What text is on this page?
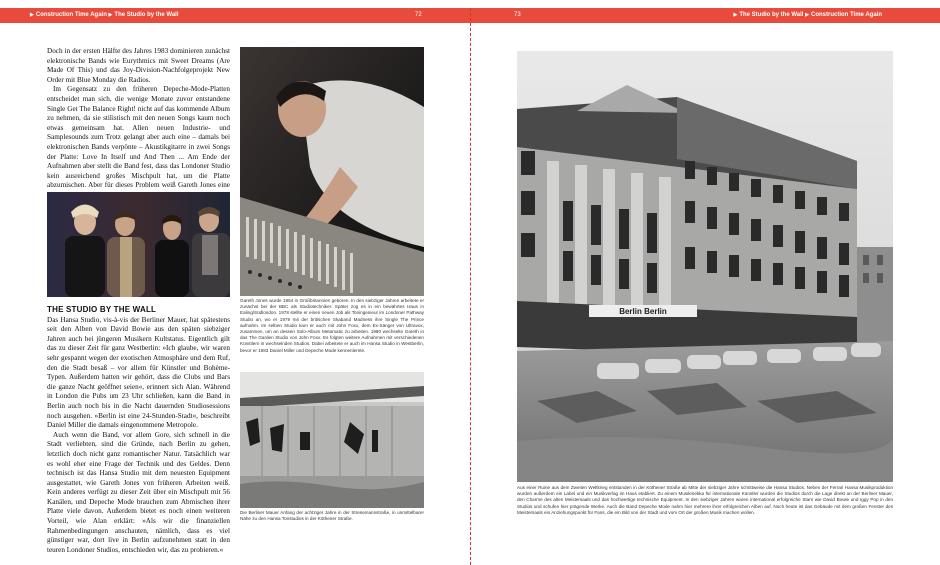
▶ Construction Time Again ▶ The Studio by the Wall	72	73	▶ The Studio by the Wall ▶ Construction Time Again

Doch in der ersten Hälfte des Jahres 1983 dominieren zunächst elektronische Bands wie Eurythmics mit Sweet Dreams (Are Made Of This) und das Joy-Division-Nachfolgeprojekt New Order mit Blue Monday die Radios.

Im Gegensatz zu den früheren Depeche-Mode-Platten entscheidet man sich, die wenige Monate zuvor entstandene Single Get The Balance Right! nicht auf das kommende Album zu nehmen, da sie stilistisch mit den neuen Songs kaum noch etwas gemeinsam hat. Allen neuen Industrie- und Samplesounds zum Trotz gelangt aber auch eine – damals bei elektronischen Bands verpönte – Akustikgitarre in zwei Songs der Platte: Love In Itself und And Then ... Am Ende der Aufnahmen aber stellt die Band fest, dass das Londoner Studio kein ausreichend großes Mischpult hat, um die Platte abzumischen. Aber für dieses Problem weiß Gareth Jones eine

THE STUDIO BY THE WALL

Das Hansa Studio, vis-à-vis der Berliner Mauer, hat spätestens seit den Alben von David Bowie aus den späten siebziger Jahren auch bei jüngeren Musikern Kultstatus. Eigentlich gilt das zu dieser Zeit für ganz Westberlin: »Ich glaube, wir waren sehr gespannt wegen der exotischen Atmosphäre und dem Ruf, den die Stadt besaß – vor allem für Künstler und Bohème-Typen. Außerdem hatten wir gehört, dass die Clubs und Bars die ganze Nacht geöffnet seien«, erinnert sich Alan. Während in London die Pubs um 23 Uhr schließen, kann die Band in Berlin auch noch bis in die Nacht dauernden Studiosessions noch ausgehen. »Berlin ist eine 24-Stunden-Stadt«, beschreibt Daniel Miller die damals eingenommene Metropole.

Auch wenn die Band, vor allem Gore, sich schnell in die Stadt verliebten, sind die Gründe, nach Berlin zu gehen, letztlich doch nicht ganz romantischer Natur. Tatsächlich war es wohl eher eine Frage der Technik und des Geldes. Denn technisch ist das Hansa Studio mit dem neuesten Equipment ausgestattet, wie Gareth Jones von früheren Arbeiten weiß. Kein anderes verfügt zu dieser Zeit über ein Mischpult mit 56 Kanälen, und Depeche Mode brauchen zum Abmischen ihrer Platte viele davon. Außerdem bietet es noch einen weiteren Vorteil, wie Alan erklärt: »Als wir die finanziellen Rahmenbedingungen anschauten, nämlich, dass es viel günstiger war, dort live in Berlin aufzunehmen statt in den teuren Londoner Studios, entschieden wir, das zu probieren.«

Gareth Jones wurde 1954 in Großbritannien geboren. In den siebziger Jahren arbeitete er zunächst bei der BBC als Studiotechniker. Später zog es in ein bewährtes Haus in Ealing/Südlondon. 1978 stellte er einen neuen Job als Toningenieur im Londoner Pathway Studio an, wo er 1979 mit der britischen Skaband Madness ihre Single The Prince aufnahm. Im selben Studio kam er auch mit John Foxx, dem Ex-Sänger von Ultravox, zusammen, um an dessen Solo-Album Metamatic zu arbeiten. 1980 wechselte Gareth in das The Garden Studio von John Foxx. Es folgten weitere Aufnahmen mit verschiedenen Künstlern in wechselnden Studios. Dabei arbeitete er auch im Hansa Studio in Westberlin, bevor er 1983 Daniel Miller und Depeche Mode kennenlernte.
Die Berliner Mauer Anfang der achtziger Jahre in der Stresemannstraße, in unmittelbarer Nähe zu den Hansa Tonstudios in der Köthener Straße.
Berlin Berlin
Aus einer Ruine aus dem Zweiten Weltkrieg entstanden in der Köthener Straße ab Mitte der siebziger Jahre schrittweise die Hansa Studios. Neben der Ferrari Hansa Musikproduktion wurden außerdem ein Label und ein Musikverlag im Haus etabliert. Zu einem Musikmekka für internationale Künstler wurden die Studios durch die Lage direkt an der Berliner Mauer, den Charme des alten Meistersaals und das hochwertige technische Equipment. In den siebziger Jahren waren international erfolgreiche Stars wie David Bowie und Iggy Pop in den Studios und schufen hier prägende Werke. Auch die Band Depeche Mode nahm hier mehrere ihrer erfolgreichen Alben auf. Noch heute ist das Gebäude mit dem großen Fenster des Meistersaals ein Anziehungspunkt für Fans, die ein Bild von der Stadt und vom Ort der großen Musik machen wollen.
